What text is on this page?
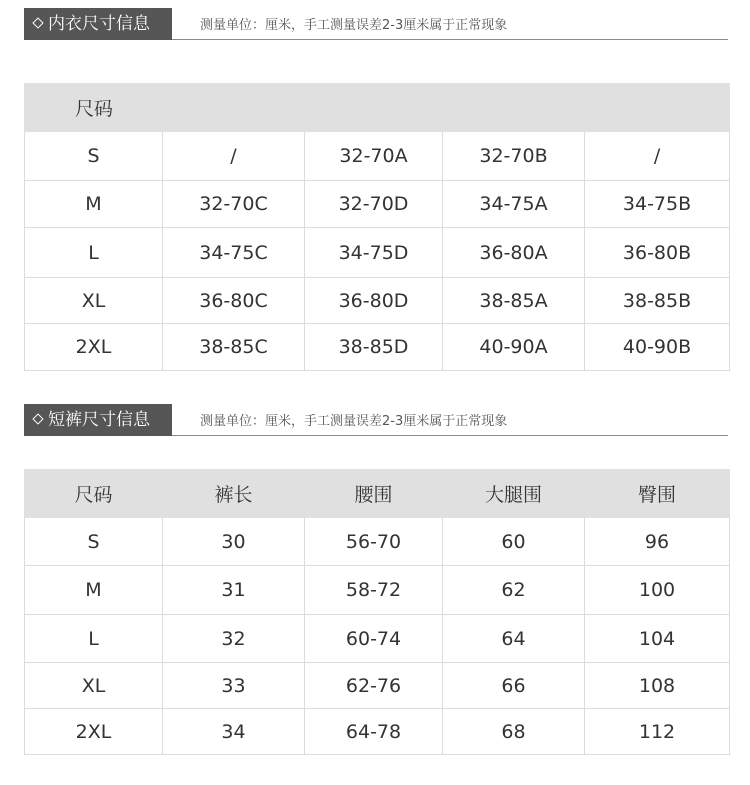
内衣尺寸信息	测量单位：厘米，手工测量误差2-3厘米属于正常现象
尺码				
S	/	32-70A	32-70B	/
M	32-70C	32-70D	34-75A	34-75B
L	34-75C	34-75D	36-80A	36-80B
XL	36-80C	36-80D	38-85A	38-85B
2XL	38-85C	38-85D	40-90A	40-90B
短裤尺寸信息	测量单位：厘米，手工测量误差2-3厘米属于正常现象
尺码	裤长	腰围	大腿围	臀围
S	30	56-70	60	96
M	31	58-72	62	100
L	32	60-74	64	104
XL	33	62-76	66	108
2XL	34	64-78	68	112
